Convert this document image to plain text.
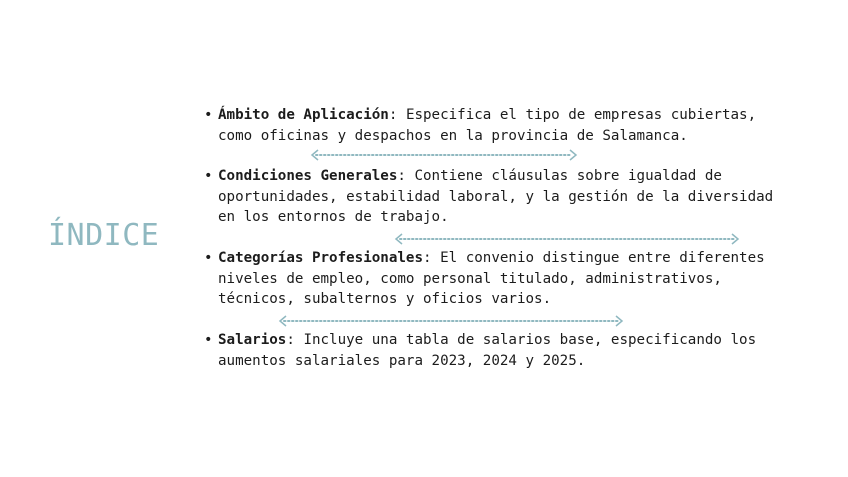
ÍNDICE
• Ámbito de Aplicación: Especifica el tipo de empresas cubiertas,
como oficinas y despachos en la provincia de Salamanca.
• Condiciones Generales: Contiene cláusulas sobre igualdad de
oportunidades, estabilidad laboral, y la gestión de la diversidad
en los entornos de trabajo.
• Categorías Profesionales: El convenio distingue entre diferentes
niveles de empleo, como personal titulado, administrativos,
técnicos, subalternos y oficios varios.
• Salarios: Incluye una tabla de salarios base, especificando los
aumentos salariales para 2023, 2024 y 2025.
